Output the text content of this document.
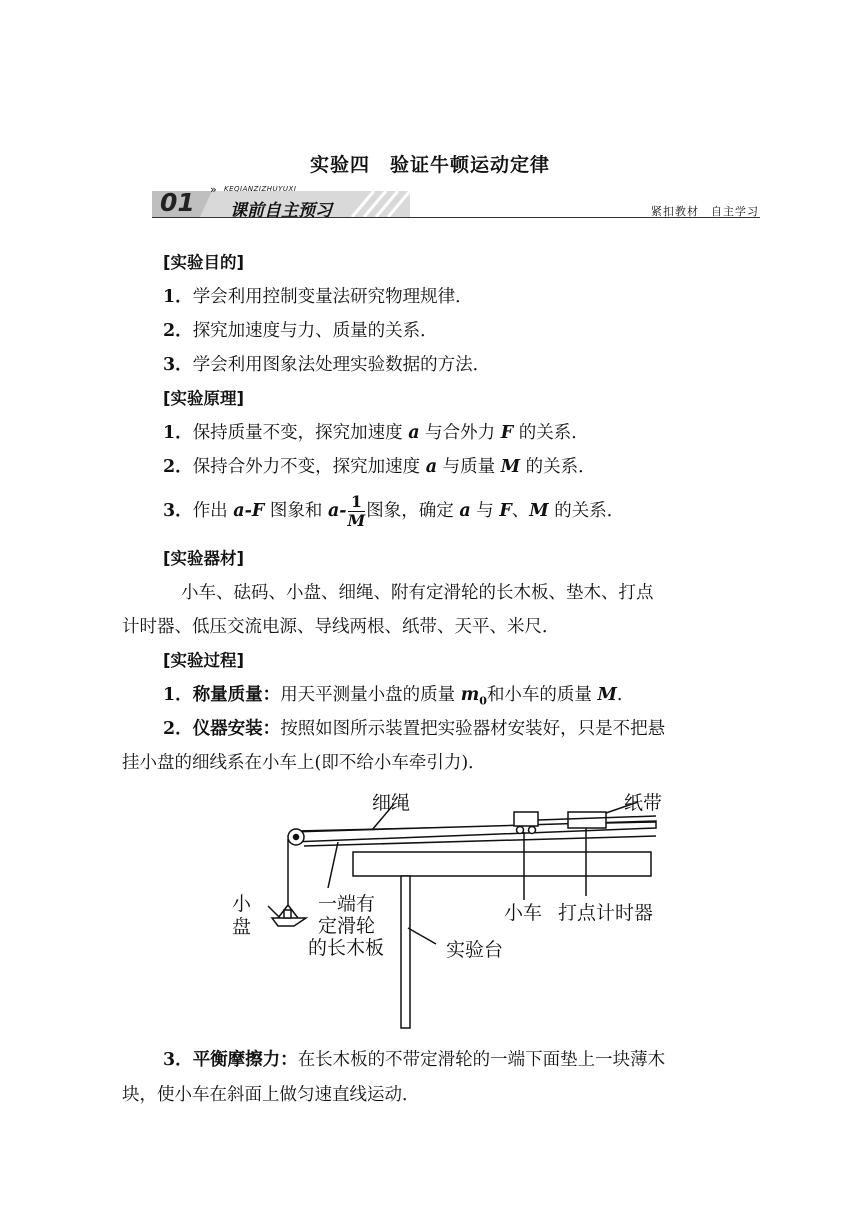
实验四　验证牛顿运动定律
01 » KEQIANZIZHUYUXI
课前自主预习	紧扣教材　自主学习
[实验目的]
1．学会利用控制变量法研究物理规律．
2．探究加速度与力、质量的关系．
3．学会利用图象法处理实验数据的方法．
[实验原理]
1．保持质量不变，探究加速度 a 与合外力 F 的关系．
2．保持合外力不变，探究加速度 a 与质量 M 的关系．
3．作出 a-F 图象和 $a- \frac{1}{M}$ 图象，确定 a 与 F、M 的关系．
[实验器材]
小车、砝码、小盘、细绳、附有定滑轮的长木板、垫木、打点
计时器、低压交流电源、导线两根、纸带、天平、米尺．
[实验过程]
1．称量质量：用天平测量小盘的质量 $m_0$和小车的质量 M.
2．仪器安装：按照如图所示装置把实验器材安装好，只是不把悬
挂小盘的细线系在小车上(即不给小车牵引力)．
细绳	纸带
小
盘
一端有
定滑轮
的长木板
小车 打点计时器
实验台
3．平衡摩擦力：在长木板的不带定滑轮的一端下面垫上一块薄木
块，使小车在斜面上做匀速直线运动．
